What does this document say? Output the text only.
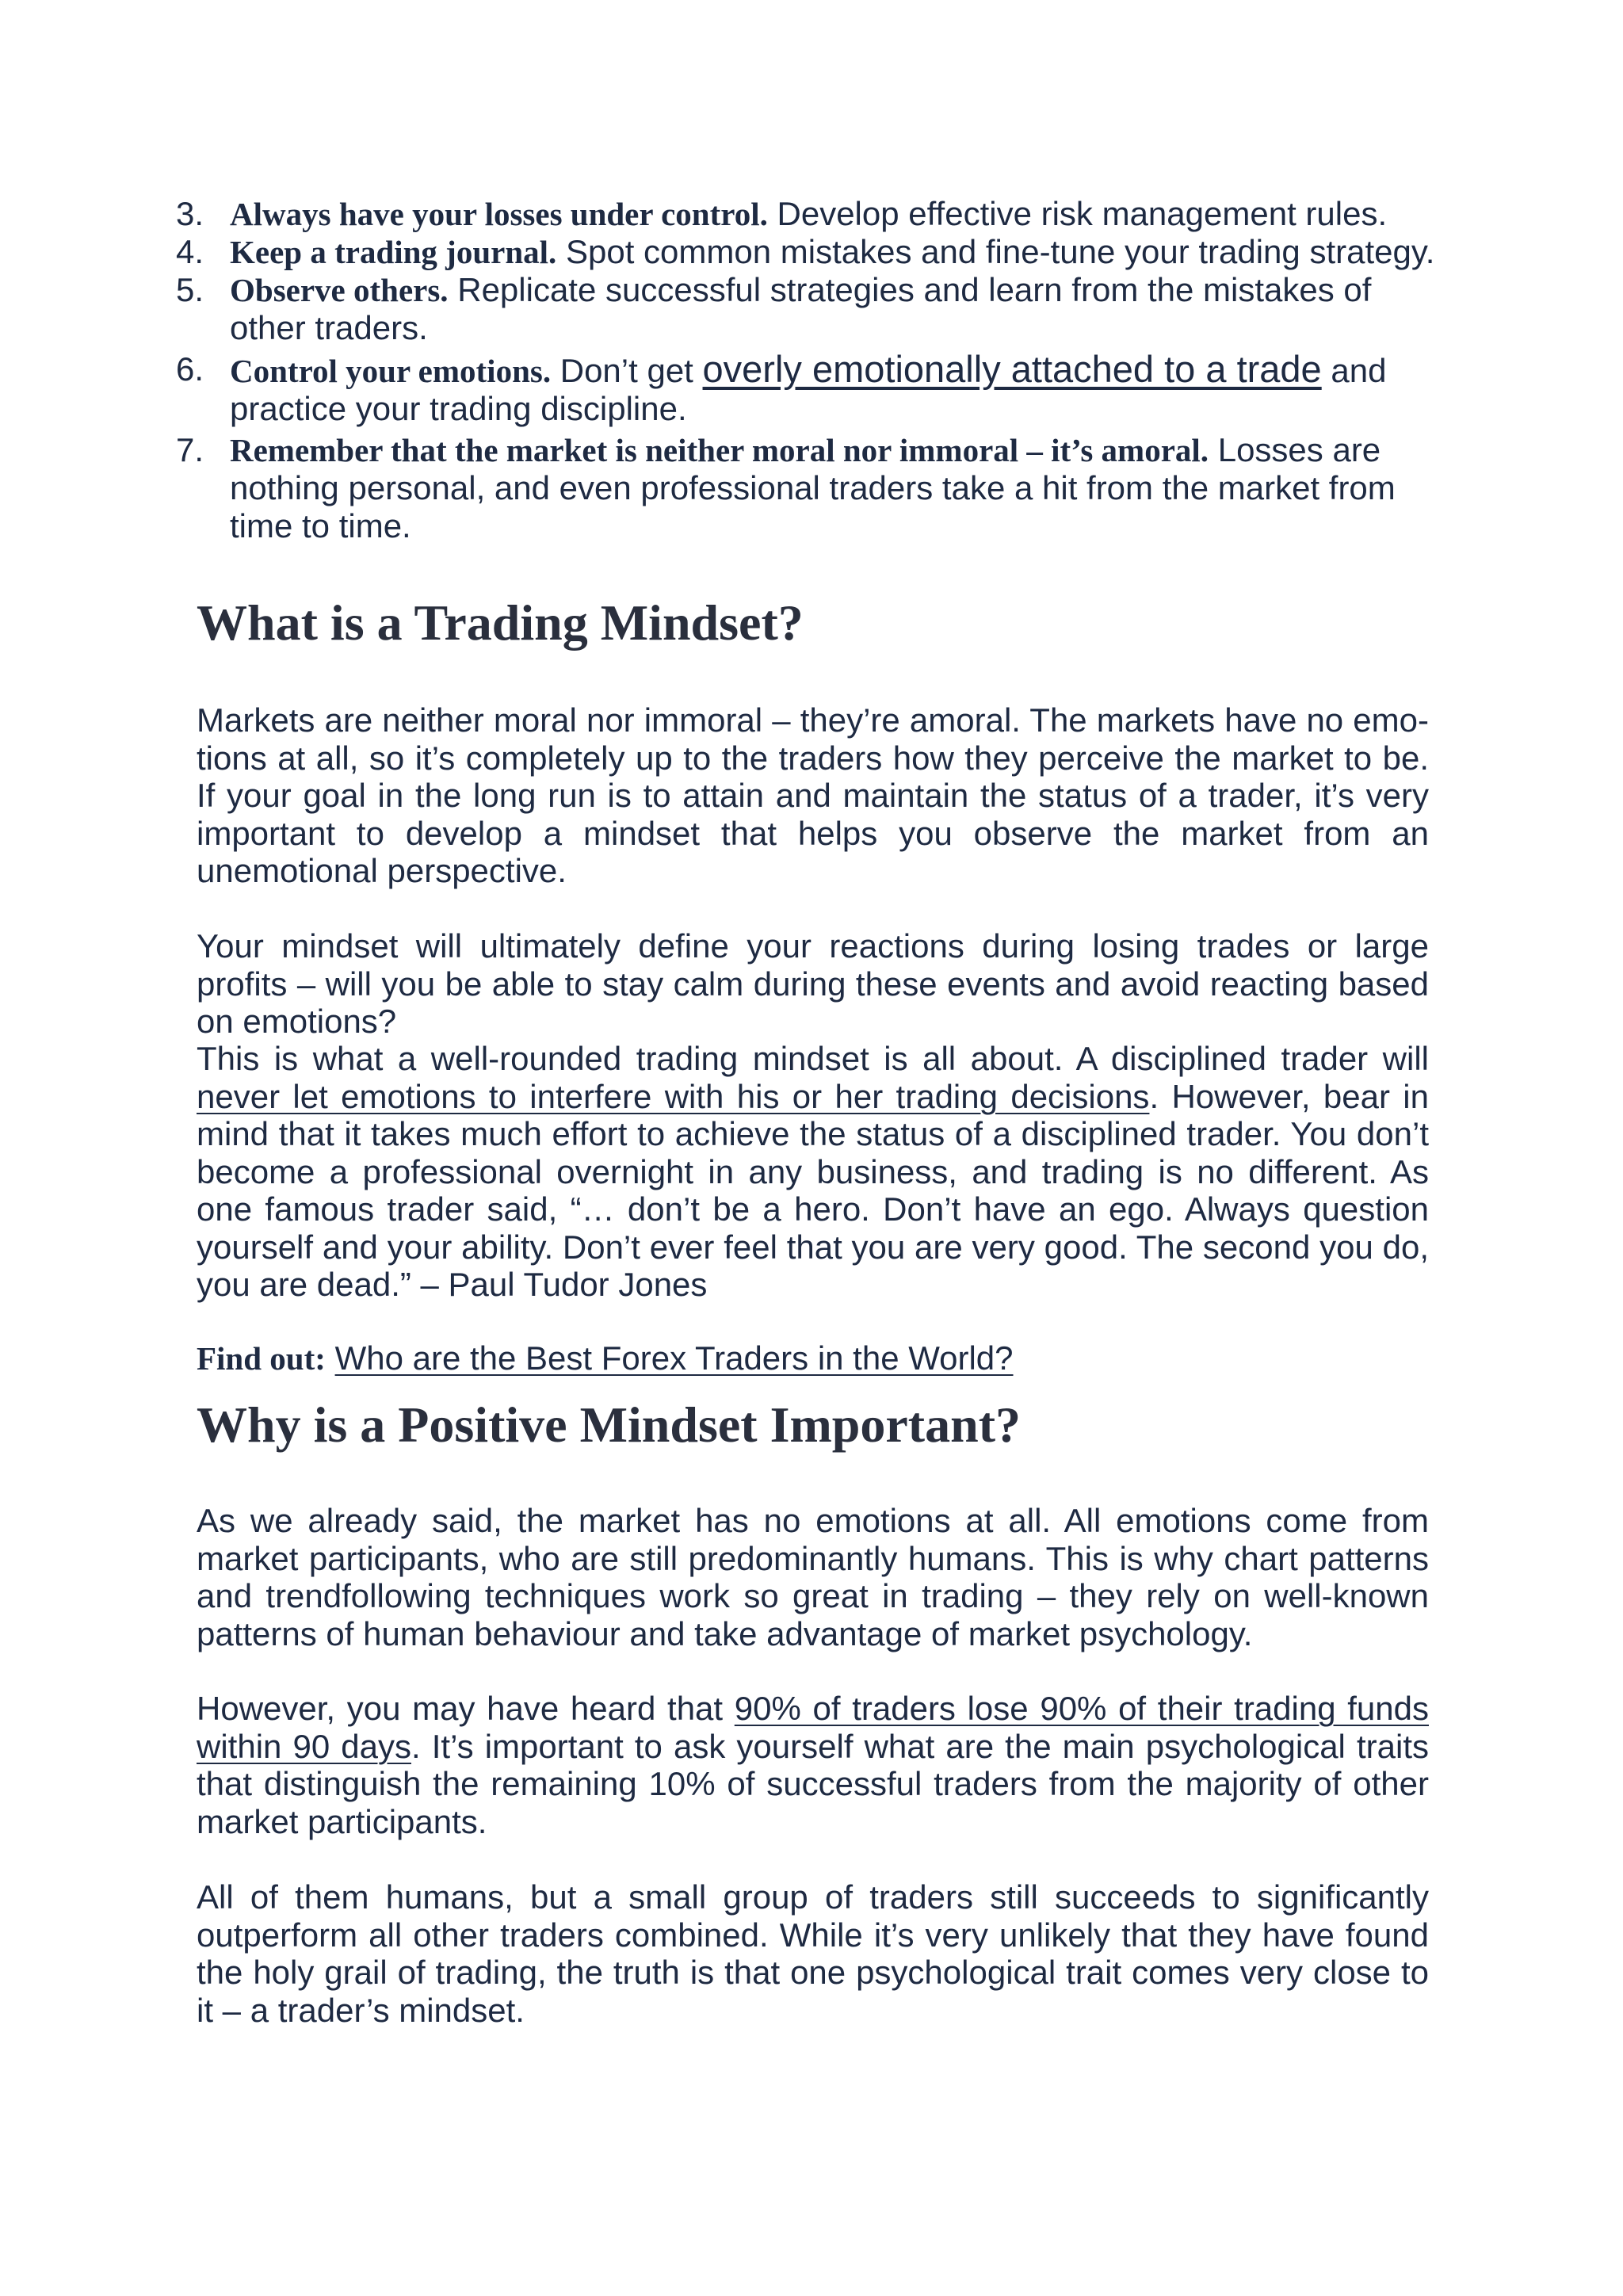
3. Always have your losses under control. Develop effective risk management rules.
4. Keep a trading journal. Spot common mistakes and fine-tune your trading strategy.
5. Observe others. Replicate successful strategies and learn from the mistakes of other traders.
6. Control your emotions. Don’t get overly emotionally attached to a trade and practice your trading discipline.
7. Remember that the market is neither moral nor immoral – it’s amoral. Losses are nothing personal, and even professional traders take a hit from the market from time to time.
What is a Trading Mindset?

Markets are neither moral nor immoral – they’re amoral. The markets have no emotions at all, so it’s completely up to the traders how they perceive the market to be. If your goal in the long run is to attain and maintain the status of a trader, it’s very important to develop a mindset that helps you observe the market from an unemotional perspective.

Your mindset will ultimately define your reactions during losing trades or large profits – will you be able to stay calm during these events and avoid reacting based on emotions?

This is what a well-rounded trading mindset is all about. A disciplined trader will never let emotions to interfere with his or her trading decisions. However, bear in mind that it takes much effort to achieve the status of a disciplined trader. You don’t become a professional overnight in any business, and trading is no different. As one famous trader said, “… don’t be a hero. Don’t have an ego. Always question yourself and your ability. Don’t ever feel that you are very good. The second you do, you are dead.” – Paul Tudor Jones

Find out: Who are the Best Forex Traders in the World?

Why is a Positive Mindset Important?

As we already said, the market has no emotions at all. All emotions come from market participants, who are still predominantly humans. This is why chart patterns and trendfollowing techniques work so great in trading – they rely on well-known patterns of human behaviour and take advantage of market psychology.

However, you may have heard that 90% of traders lose 90% of their trading funds within 90 days. It’s important to ask yourself what are the main psychological traits that distinguish the remaining 10% of successful traders from the majority of other market participants.

All of them humans, but a small group of traders still succeeds to significantly outperform all other traders combined. While it’s very unlikely that they have found the holy grail of trading, the truth is that one psychological trait comes very close to it – a trader’s mindset.
